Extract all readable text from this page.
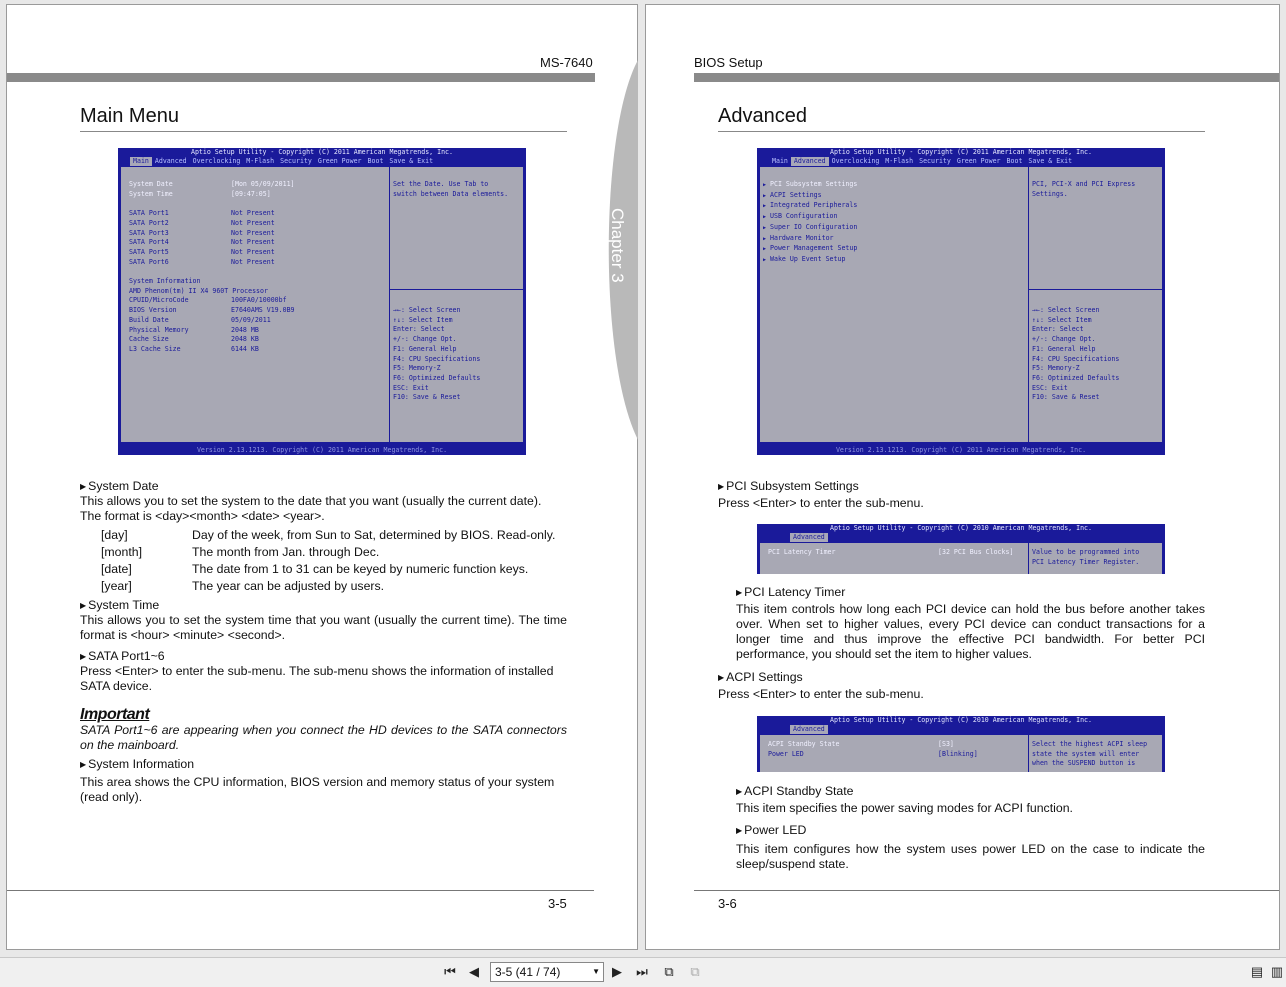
MS-7640
Main Menu
Aptio Setup Utility - Copyright (C) 2011 American Megatrends, Inc.
Main Advanced Overclocking M-Flash Security Green Power Boot Save & Exit
System Date	[Mon 05/09/2011]
System Time	[09:47:05]

SATA Port1	Not Present
SATA Port2	Not Present
SATA Port3	Not Present
SATA Port4	Not Present
SATA Port5	Not Present
SATA Port6	Not Present

System Information
AMD Phenom(tm) II X4 960T Processor
CPUID/MicroCode	100FA0/10000bf
BIOS Version	E7640AMS V19.0B9
Build Date	05/09/2011
Physical Memory	2048 MB
Cache Size	2048 KB
L3 Cache Size	6144 KB
Set the Date. Use Tab to
switch between Data elements.
→←: Select Screen
↑↓: Select Item
Enter: Select
+/-: Change Opt.
F1: General Help
F4: CPU Specifications
F5: Memory-Z
F6: Optimized Defaults
ESC: Exit
F10: Save & Reset
Version 2.13.1213. Copyright (C) 2011 American Megatrends, Inc.

▶ System Date

This allows you to set the system to the date that you want (usually the current date).

The format is <day><month> <date> <year>.

[day]	Day of the week, from Sun to Sat, determined by BIOS. Read-only.
[month]	The month from Jan. through Dec.
[date]	The date from 1 to 31 can be keyed by numeric function keys.
[year]	The year can be adjusted by users.

▶ System Time

This allows you to set the system time that you want (usually the current time). The time format is <hour> <minute> <second>.

▶ SATA Port1~6

Press <Enter> to enter the sub-menu. The sub-menu shows the information of installed SATA device.

Important

SATA Port1~6 are appearing when you connect the HD devices to the SATA connectors on the mainboard.

▶ System Information

This area shows the CPU information, BIOS version and memory status of your system (read only).

3-5
Chapter 3
BIOS Setup
Advanced
Aptio Setup Utility - Copyright (C) 2011 American Megatrends, Inc.
Main Advanced Overclocking M-Flash Security Green Power Boot Save & Exit
▶ PCI Subsystem Settings
▶ ACPI Settings
▶ Integrated Peripherals
▶ USB Configuration
▶ Super IO Configuration
▶ Hardware Monitor
▶ Power Management Setup
▶ Wake Up Event Setup
PCI, PCI-X and PCI Express
Settings.
→←: Select Screen
↑↓: Select Item
Enter: Select
+/-: Change Opt.
F1: General Help
F4: CPU Specifications
F5: Memory-Z
F6: Optimized Defaults
ESC: Exit
F10: Save & Reset
Version 2.13.1213. Copyright (C) 2011 American Megatrends, Inc.

▶ PCI Subsystem Settings

Press <Enter> to enter the sub-menu.

Aptio Setup Utility - Copyright (C) 2010 American Megatrends, Inc.
Advanced
PCI Latency Timer	[32 PCI Bus Clocks]	Value to be programmed into
PCI Latency Timer Register.

▶ PCI Latency Timer

This item controls how long each PCI device can hold the bus before another takes over. When set to higher values, every PCI device can conduct transactions for a longer time and thus improve the effective PCI bandwidth. For better PCI performance, you should set the item to higher values.

▶ ACPI Settings

Press <Enter> to enter the sub-menu.

Aptio Setup Utility - Copyright (C) 2010 American Megatrends, Inc.
Advanced
ACPI Standby State	[S3]
Power LED	[Blinking]
Select the highest ACPI sleep
state the system will enter
when the SUSPEND button is

▶ ACPI Standby State

This item specifies the power saving modes for ACPI function.

▶ Power LED

This item configures how the system uses power LED on the case to indicate the sleep/suspend state.

3-6
⏮	◀	3-5 (41 / 74)	▼ ▶	⏭	⧉	⧉	▤ ▥
